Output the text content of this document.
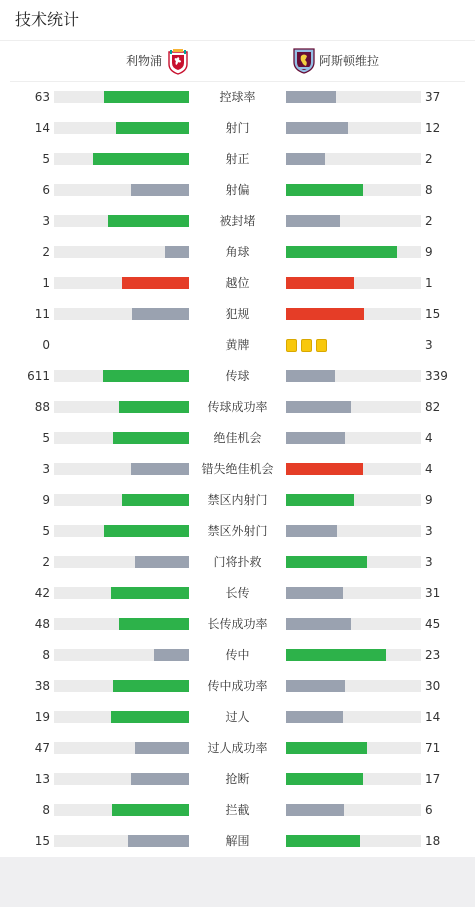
技术统计
利物浦	阿斯顿维拉
63	控球率	37
14	射门	12
5	射正	2
6	射偏	8
3	被封堵	2
2	角球	9
1	越位	1
11	犯规	15
0	黄牌	3
611	传球	339
88	传球成功率	82
5	绝佳机会	4
3	错失绝佳机会	4
9	禁区内射门	9
5	禁区外射门	3
2	门将扑救	3
42	长传	31
48	长传成功率	45
8	传中	23
38	传中成功率	30
19	过人	14
47	过人成功率	71
13	抢断	17
8	拦截	6
15	解围	18
